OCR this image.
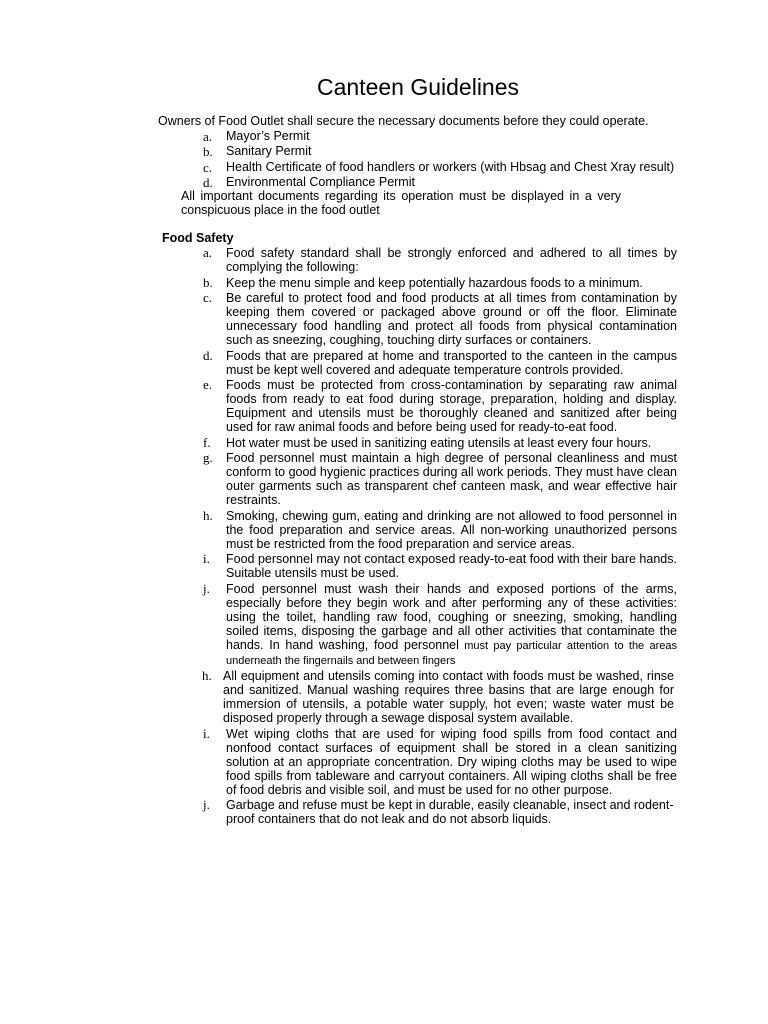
Canteen Guidelines

Owners of Food Outlet shall secure the necessary documents before they could operate.

a. Mayor’s Permit
b. Sanitary Permit
c. Health Certificate of food handlers or workers (with Hbsag and Chest Xray result)
d. Environmental Compliance Permit

All important documents regarding its operation must be displayed in a very conspicuous place in the food outlet

Food Safety
a. Food safety standard shall be strongly enforced and adhered to all times by complying the following:
b. Keep the menu simple and keep potentially hazardous foods to a minimum.
c. Be careful to protect food and food products at all times from contamination by keeping them covered or packaged above ground or off the floor. Eliminate unnecessary food handling and protect all foods from physical contamination such as sneezing, coughing, touching dirty surfaces or containers.
d. Foods that are prepared at home and transported to the canteen in the campus must be kept well covered and adequate temperature controls provided.
e. Foods must be protected from cross-contamination by separating raw animal foods from ready to eat food during storage, preparation, holding and display. Equipment and utensils must be thoroughly cleaned and sanitized after being used for raw animal foods and before being used for ready-to-eat food.
f. Hot water must be used in sanitizing eating utensils at least every four hours.
g. Food personnel must maintain a high degree of personal cleanliness and must conform to good hygienic practices during all work periods. They must have clean outer garments such as transparent chef canteen mask, and wear effective hair restraints.
h. Smoking, chewing gum, eating and drinking are not allowed to food personnel in the food preparation and service areas. All non-working unauthorized persons must be restricted from the food preparation and service areas.
i. Food personnel may not contact exposed ready-to-eat food with their bare hands. Suitable utensils must be used.
j. Food personnel must wash their hands and exposed portions of the arms, especially before they begin work and after performing any of these activities: using the toilet, handling raw food, coughing or sneezing, smoking, handling soiled items, disposing the garbage and all other activities that contaminate the hands. In hand washing, food personnel must pay particular attention to the areas underneath the fingernails and between fingers
h. All equipment and utensils coming into contact with foods must be washed, rinse and sanitized. Manual washing requires three basins that are large enough for immersion of utensils, a potable water supply, hot even; waste water must be disposed properly through a sewage disposal system available.
i. Wet wiping cloths that are used for wiping food spills from food contact and nonfood contact surfaces of equipment shall be stored in a clean sanitizing solution at an appropriate concentration. Dry wiping cloths may be used to wipe food spills from tableware and carryout containers. All wiping cloths shall be free of food debris and visible soil, and must be used for no other purpose.
j. Garbage and refuse must be kept in durable, easily cleanable, insect and rodent-proof containers that do not leak and do not absorb liquids.
